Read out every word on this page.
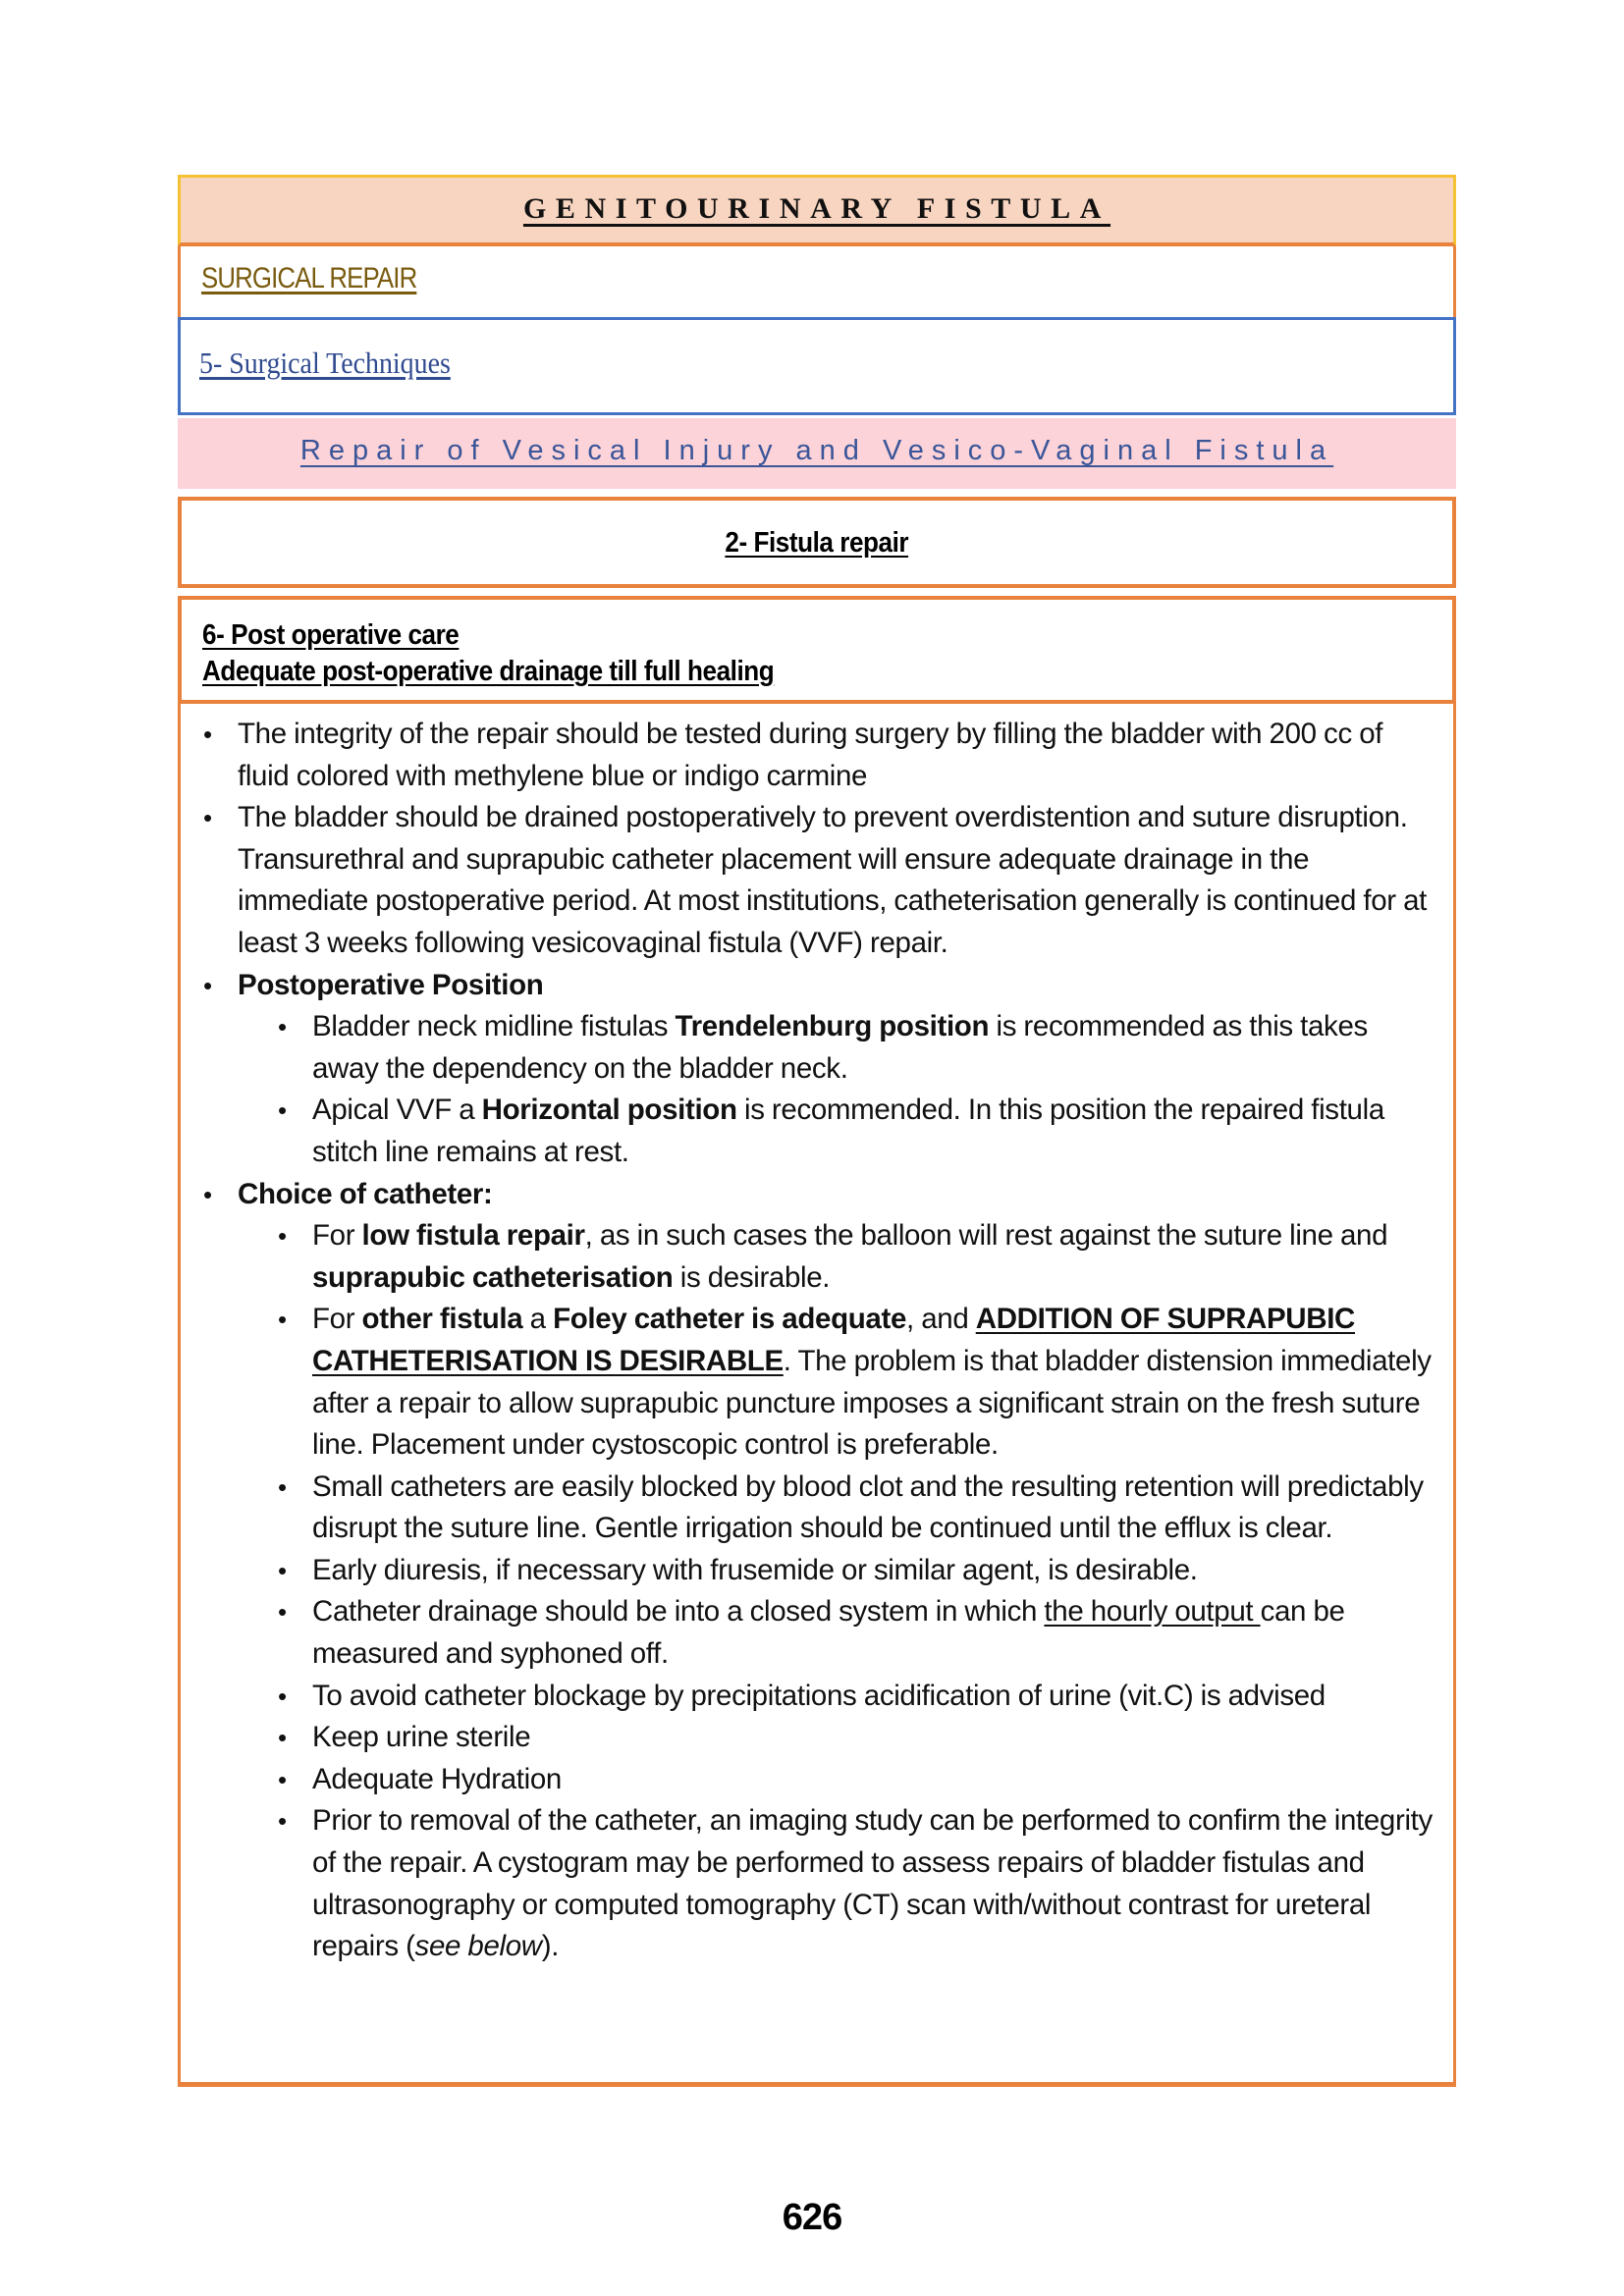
GENITOURINARY FISTULA
SURGICAL REPAIR
5- Surgical Techniques
Repair of Vesical Injury and Vesico-Vaginal Fistula
2- Fistula repair
6- Post operative care
Adequate post-operative drainage till full healing
• The integrity of the repair should be tested during surgery by filling the bladder with 200 cc of fluid colored with methylene blue or indigo carmine
• The bladder should be drained postoperatively to prevent overdistention and suture disruption. Transurethral and suprapubic catheter placement will ensure adequate drainage in the immediate postoperative period. At most institutions, catheterisation generally is continued for at least 3 weeks following vesicovaginal fistula (VVF) repair.
• Postoperative Position
• Bladder neck midline fistulas Trendelenburg position is recommended as this takes away the dependency on the bladder neck.
• Apical VVF a Horizontal position is recommended. In this position the repaired fistula stitch line remains at rest.
• Choice of catheter:
• For low fistula repair, as in such cases the balloon will rest against the suture line and suprapubic catheterisation is desirable.
• For other fistula a Foley catheter is adequate, and ADDITION OF SUPRAPUBIC CATHETERISATION IS DESIRABLE. The problem is that bladder distension immediately after a repair to allow suprapubic puncture imposes a significant strain on the fresh suture line. Placement under cystoscopic control is preferable.
• Small catheters are easily blocked by blood clot and the resulting retention will predictably disrupt the suture line. Gentle irrigation should be continued until the efflux is clear.
• Early diuresis, if necessary with frusemide or similar agent, is desirable.
• Catheter drainage should be into a closed system in which the hourly output can be measured and syphoned off.
• To avoid catheter blockage by precipitations acidification of urine (vit.C) is advised
• Keep urine sterile
• Adequate Hydration
• Prior to removal of the catheter, an imaging study can be performed to confirm the integrity of the repair. A cystogram may be performed to assess repairs of bladder fistulas and ultrasonography or computed tomography (CT) scan with/without contrast for ureteral repairs (see below).
626
